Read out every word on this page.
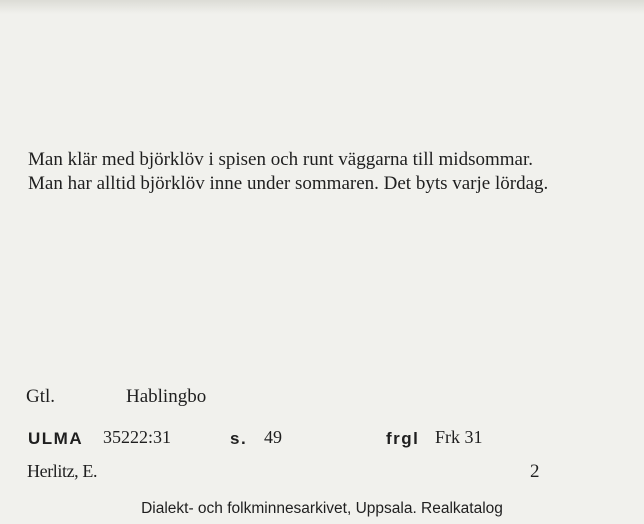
Man klär med björklöv i spisen och runt väggarna till midsommar.

Man har alltid björklöv inne under sommaren. Det byts varje lördag.

Gtl.	Hablingbo
ULMA 35222:31	s. 49	frgl Frk 31
Herlitz, E.	2
Dialekt- och folkminnesarkivet, Uppsala. Realkatalog
